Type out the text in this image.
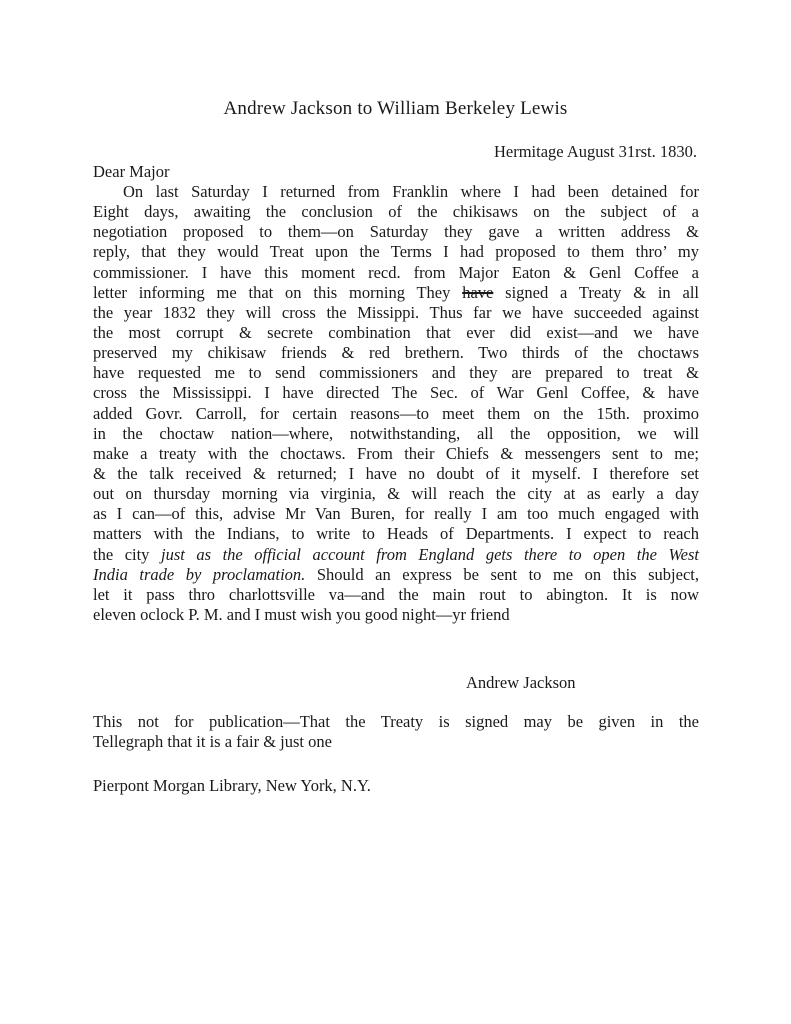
Andrew Jackson to William Berkeley Lewis
Hermitage August 31rst. 1830.
Dear Major
On last Saturday I returned from Franklin where I had been detained for
Eight days, awaiting the conclusion of the chikisaws on the subject of a
negotiation proposed to them—on Saturday they gave a written address &
reply, that they would Treat upon the Terms I had proposed to them thro’ my
commissioner. I have this moment recd. from Major Eaton & Genl Coffee a
letter informing me that on this morning They have signed a Treaty & in all
the year 1832 they will cross the Missippi. Thus far we have succeeded against
the most corrupt & secrete combination that ever did exist—and we have
preserved my chikisaw friends & red brethern. Two thirds of the choctaws
have requested me to send commissioners and they are prepared to treat &
cross the Mississippi. I have directed The Sec. of War Genl Coffee, & have
added Govr. Carroll, for certain reasons—to meet them on the 15th. proximo
in the choctaw nation—where, notwithstanding, all the opposition, we will
make a treaty with the choctaws. From their Chiefs & messengers sent to me;
& the talk received & returned; I have no doubt of it myself. I therefore set
out on thursday morning via virginia, & will reach the city at as early a day
as I can—of this, advise Mr Van Buren, for really I am too much engaged with
matters with the Indians, to write to Heads of Departments. I expect to reach
the city just as the official account from England gets there to open the West
India trade by proclamation. Should an express be sent to me on this subject,
let it pass thro charlottsville va—and the main rout to abington. It is now
eleven oclock P. M. and I must wish you good night—yr friend
Andrew Jackson
This not for publication—That the Treaty is signed may be given in the
Tellegraph that it is a fair & just one
Pierpont Morgan Library, New York, N.Y.
